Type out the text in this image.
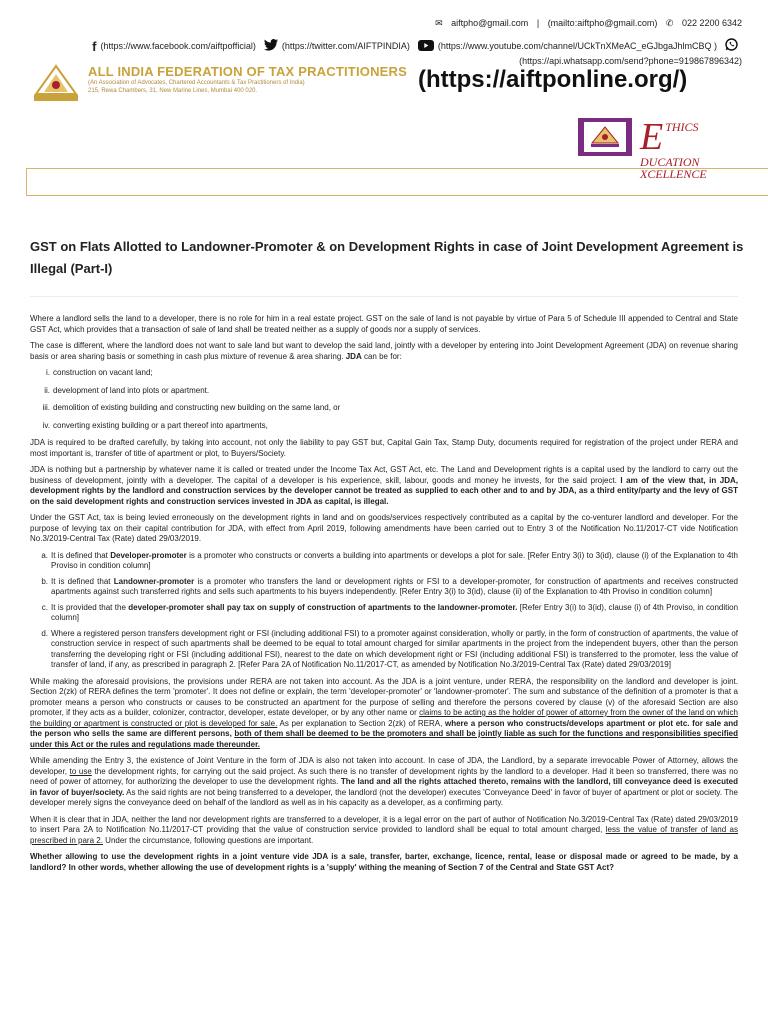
✉ aiftpho@gmail.com | (mailto:aiftpho@gmail.com) ✆ 022 2200 6342
f (https://www.facebook.com/aiftpofficial)	(https://twitter.com/AIFTPINDIA)	(https://www.youtube.com/channel/UCkTnXMeAC_eGJbgaJhlmCBQ )
(https://api.whatsapp.com/send?phone=919867896342)
ALL INDIA FEDERATION OF TAX PRACTITIONERS
(An Association of Advocates, Chartered Accountants & Tax Practitioners of India)
215, Rewa Chambers, 31, New Marine Lines, Mumbai 400 020.	(https://aiftponline.org/)
E THICS
DUCATION
XCELLENCE
GST on Flats Allotted to Landowner-Promoter & on Development Rights in case of Joint Development Agreement is Illegal (Part-I)

Where a landlord sells the land to a developer, there is no role for him in a real estate project. GST on the sale of land is not payable by virtue of Para 5 of Schedule III appended to Central and State GST Act, which provides that a transaction of sale of land shall be treated neither as a supply of goods nor a supply of services.

The case is different, where the landlord does not want to sale land but want to develop the said land, jointly with a developer by entering into Joint Development Agreement (JDA) on revenue sharing basis or area sharing basis or something in cash plus mixture of revenue & area sharing. JDA can be for:

i. construction on vacant land;
ii. development of land into plots or apartment.
iii. demolition of existing building and constructing new building on the same land, or
iv. converting existing building or a part thereof into apartments,

JDA is required to be drafted carefully, by taking into account, not only the liability to pay GST but, Capital Gain Tax, Stamp Duty, documents required for registration of the project under RERA and most important is, transfer of title of apartment or plot, to Buyers/Society.

JDA is nothing but a partnership by whatever name it is called or treated under the Income Tax Act, GST Act, etc. The Land and Development rights is a capital used by the landlord to carry out the business of development, jointly with a developer. The capital of a developer is his experience, skill, labour, goods and money he invests, for the said project. I am of the view that, in JDA, development rights by the landlord and construction services by the developer cannot be treated as supplied to each other and to and by JDA, as a third entity/party and the levy of GST on the said development rights and construction services invested in JDA as capital, is illegal.

Under the GST Act, tax is being levied erroneously on the development rights in land and on goods/services respectively contributed as a capital by the co-venturer landlord and developer. For the purpose of levying tax on their capital contribution for JDA, with effect from April 2019, following amendments have been carried out to Entry 3 of the Notification No.11/2017-CT vide Notification No.3/2019-Central Tax (Rate) dated 29/03/2019.

a. It is defined that Developer-promoter is a promoter who constructs or converts a building into apartments or develops a plot for sale. [Refer Entry 3(i) to 3(id), clause (i) of the Explanation to 4th Proviso in condition column]
b. It is defined that Landowner-promoter is a promoter who transfers the land or development rights or FSI to a developer-promoter, for construction of apartments and receives constructed apartments against such transferred rights and sells such apartments to his buyers independently. [Refer Entry 3(i) to 3(id), clause (ii) of the Explanation to 4th Proviso in condition column]
c. It is provided that the developer-promoter shall pay tax on supply of construction of apartments to the landowner-promoter. [Refer Entry 3(i) to 3(id), clause (i) of 4th Proviso, in condition column]
d. Where a registered person transfers development right or FSI (including additional FSI) to a promoter against consideration, wholly or partly, in the form of construction of apartments, the value of construction service in respect of such apartments shall be deemed to be equal to total amount charged for similar apartments in the project from the independent buyers, other than the person transferring the developing right or FSI (including additional FSI), nearest to the date on which development right or FSI (including additional FSI) is transferred to the promoter, less the value of transfer of land, if any, as prescribed in paragraph 2. [Refer Para 2A of Notification No.11/2017-CT, as amended by Notification No.3/2019-Central Tax (Rate) dated 29/03/2019]

While making the aforesaid provisions, the provisions under RERA are not taken into account. As the JDA is a joint venture, under RERA, the responsibility on the landlord and developer is joint. Section 2(zk) of RERA defines the term 'promoter'. It does not define or explain, the term 'developer-promoter' or 'landowner-promoter'. The sum and substance of the definition of a promoter is that a promoter means a person who constructs or causes to be constructed an apartment for the purpose of selling and therefore the persons covered by clause (v) of the aforesaid Section are also promoter, if they acts as a builder, colonizer, contractor, developer, estate developer, or by any other name or claims to be acting as the holder of power of attorney from the owner of the land on which the building or apartment is constructed or plot is developed for sale. As per explanation to Section 2(zk) of RERA, where a person who constructs/develops apartment or plot etc. for sale and the person who sells the same are different persons, both of them shall be deemed to be the promoters and shall be jointly liable as such for the functions and responsibilities specified under this Act or the rules and regulations made thereunder.

While amending the Entry 3, the existence of Joint Venture in the form of JDA is also not taken into account. In case of JDA, the Landlord, by a separate irrevocable Power of Attorney, allows the developer, to use the development rights, for carrying out the said project. As such there is no transfer of development rights by the landlord to a developer. Had it been so transferred, there was no need of power of attorney, for authorizing the developer to use the development rights. The land and all the rights attached thereto, remains with the landlord, till conveyance deed is executed in favor of buyer/society. As the said rights are not being transferred to a developer, the landlord (not the developer) executes 'Conveyance Deed' in favor of buyer of apartment or plot or society. The developer merely signs the conveyance deed on behalf of the landlord as well as in his capacity as a developer, as a confirming party.

When it is clear that in JDA, neither the land nor development rights are transferred to a developer, it is a legal error on the part of author of Notification No.3/2019-Central Tax (Rate) dated 29/03/2019 to insert Para 2A to Notification No.11/2017-CT providing that the value of construction service provided to landlord shall be equal to total amount charged, less the value of transfer of land as prescribed in para 2. Under the circumstance, following questions are important.

Whether allowing to use the development rights in a joint venture vide JDA is a sale, transfer, barter, exchange, licence, rental, lease or disposal made or agreed to be made, by a landlord? In other words, whether allowing the use of development rights is a 'supply' withing the meaning of Section 7 of the Central and State GST Act?
